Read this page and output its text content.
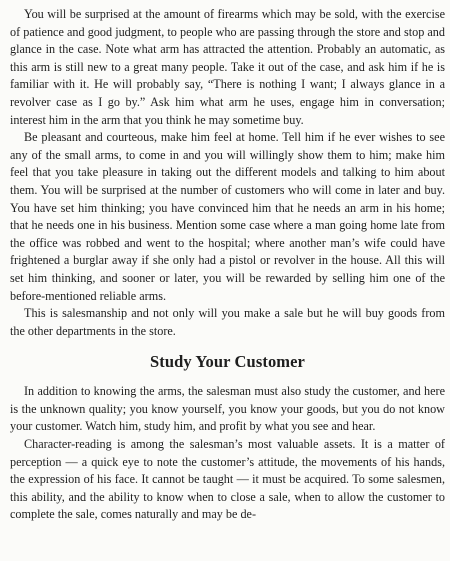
You will be surprised at the amount of firearms which may be sold, with the exercise of patience and good judgment, to people who are passing through the store and stop and glance in the case. Note what arm has attracted the attention. Probably an automatic, as this arm is still new to a great many people. Take it out of the case, and ask him if he is familiar with it. He will probably say, “There is nothing I want; I always glance in a revolver case as I go by.” Ask him what arm he uses, engage him in conversation; interest him in the arm that you think he may sometime buy.

Be pleasant and courteous, make him feel at home. Tell him if he ever wishes to see any of the small arms, to come in and you will willingly show them to him; make him feel that you take pleasure in taking out the different models and talking to him about them. You will be surprised at the number of customers who will come in later and buy. You have set him thinking; you have convinced him that he needs an arm in his home; that he needs one in his business. Mention some case where a man going home late from the office was robbed and went to the hospital; where another man’s wife could have frightened a burglar away if she only had a pistol or revolver in the house. All this will set him thinking, and sooner or later, you will be rewarded by selling him one of the before-mentioned reliable arms.

This is salesmanship and not only will you make a sale but he will buy goods from the other departments in the store.

Study Your Customer

In addition to knowing the arms, the salesman must also study the customer, and here is the unknown quality; you know yourself, you know your goods, but you do not know your customer. Watch him, study him, and profit by what you see and hear.

Character-reading is among the salesman’s most valuable assets. It is a matter of perception — a quick eye to note the customer’s attitude, the movements of his hands, the expression of his face. It cannot be taught — it must be acquired. To some salesmen, this ability, and the ability to know when to close a sale, when to allow the customer to complete the sale, comes naturally and may be de-
